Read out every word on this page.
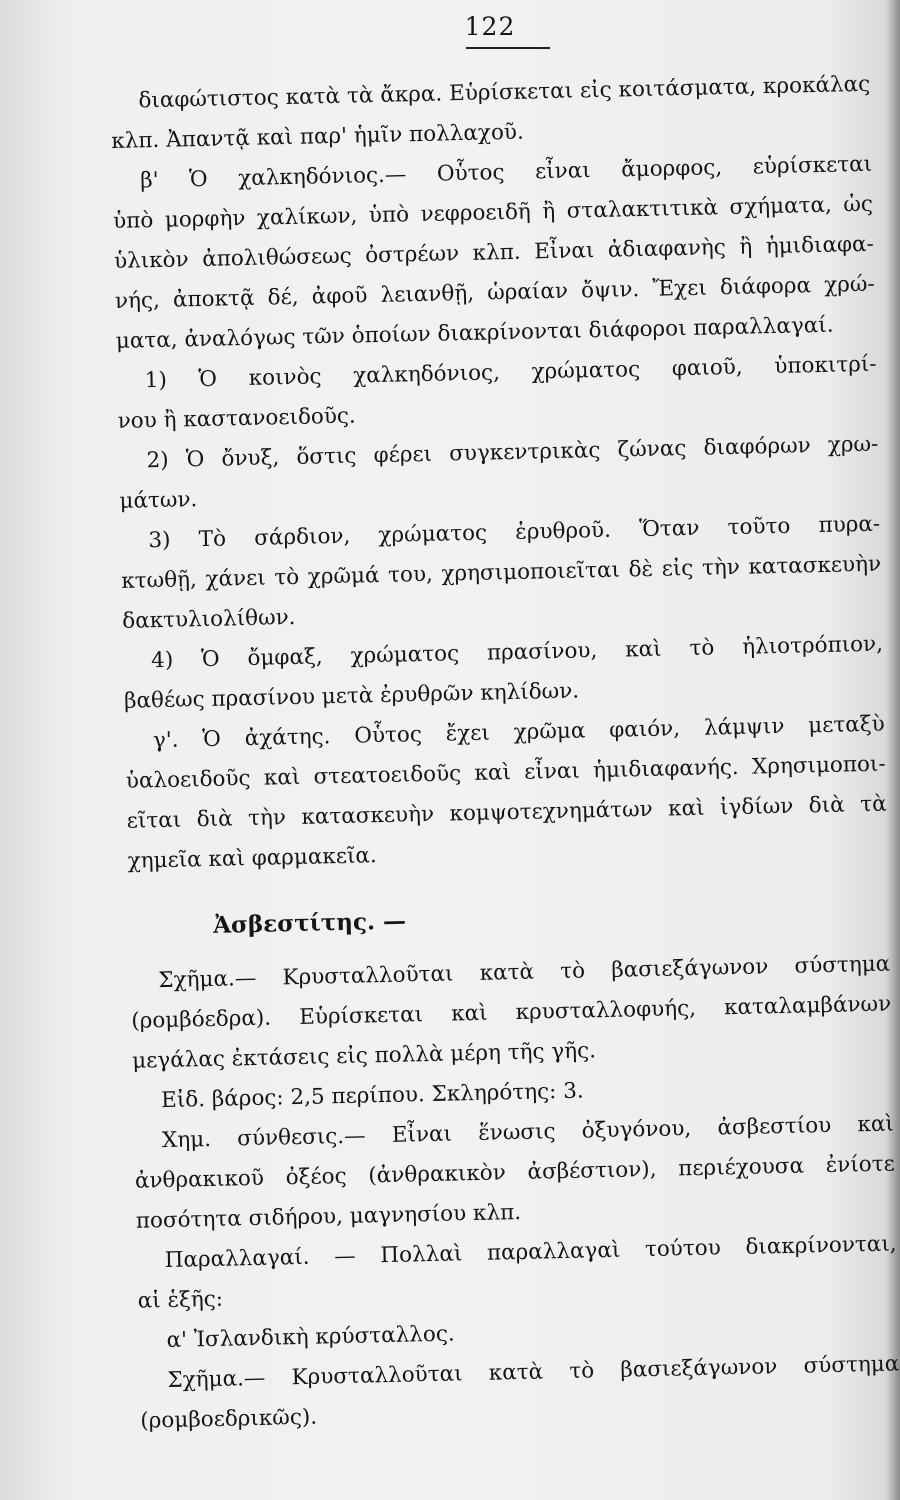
122
διαφώτιστος κατὰ τὰ ἄκρα. Εὑρίσκεται εἰς κοιτάσματα, κροκάλας
κλπ. Ἀπαντᾷ καὶ παρ' ἡμῖν πολλαχοῦ.
β' Ὁ χαλκηδόνιος.— Οὗτος εἶναι ἄμορφος, εὑρίσκεται
ὑπὸ μορφὴν χαλίκων, ὑπὸ νεφροειδῆ ἢ σταλακτιτικὰ σχήματα, ὡς
ὑλικὸν ἀπολιθώσεως ὀστρέων κλπ. Εἶναι ἀδιαφανὴς ἢ ἡμιδιαφα-
νής, ἀποκτᾷ δέ, ἀφοῦ λειανθῇ, ὡραίαν ὄψιν. Ἔχει διάφορα χρώ-
ματα, ἀναλόγως τῶν ὁποίων διακρίνονται διάφοροι παραλλαγαί.
1) Ὁ κοινὸς χαλκηδόνιος, χρώματος φαιοῦ, ὑποκιτρί-
νου ἢ καστανοειδοῦς.
2) Ὁ ὄνυξ, ὅστις φέρει συγκεντρικὰς ζώνας διαφόρων χρω-
μάτων.
3) Τὸ σάρδιον, χρώματος ἐρυθροῦ. Ὅταν τοῦτο πυρα-
κτωθῇ, χάνει τὸ χρῶμά του, χρησιμοποιεῖται δὲ εἰς τὴν κατασκευὴν
δακτυλιολίθων.
4) Ὁ ὄμφαξ, χρώματος πρασίνου, καὶ τὸ ἡλιοτρόπιον,
βαθέως πρασίνου μετὰ ἐρυθρῶν κηλίδων.
γ'. Ὁ ἀχάτης. Οὗτος ἔχει χρῶμα φαιόν, λάμψιν μεταξὺ
ὑαλοειδοῦς καὶ στεατοειδοῦς καὶ εἶναι ἡμιδιαφανής. Χρησιμοποι-
εῖται διὰ τὴν κατασκευὴν κομψοτεχνημάτων καὶ ἰγδίων διὰ τὰ
χημεῖα καὶ φαρμακεῖα.
Ἀσβεστίτης. —
Σχῆμα.— Κρυσταλλοῦται κατὰ τὸ βασιεξάγωνον σύστημα
(ρομβόεδρα). Εὑρίσκεται καὶ κρυσταλλοφυής, καταλαμβάνων
μεγάλας ἐκτάσεις εἰς πολλὰ μέρη τῆς γῆς.
Εἰδ. βάρος: 2,5 περίπου. Σκληρότης: 3.
Χημ. σύνθεσις.— Εἶναι ἕνωσις ὀξυγόνου, ἀσβεστίου καὶ
ἀνθρακικοῦ ὀξέος (ἀνθρακικὸν ἀσβέστιον), περιέχουσα ἐνίοτε
ποσότητα σιδήρου, μαγνησίου κλπ.
Παραλλαγαί. — Πολλαὶ παραλλαγαὶ τούτου διακρίνονται,
αἱ ἑξῆς:
α' Ἰσλανδικὴ κρύσταλλος.
Σχῆμα.— Κρυσταλλοῦται κατὰ τὸ βασιεξάγωνον σύστημα
(ρομβοεδρικῶς).
